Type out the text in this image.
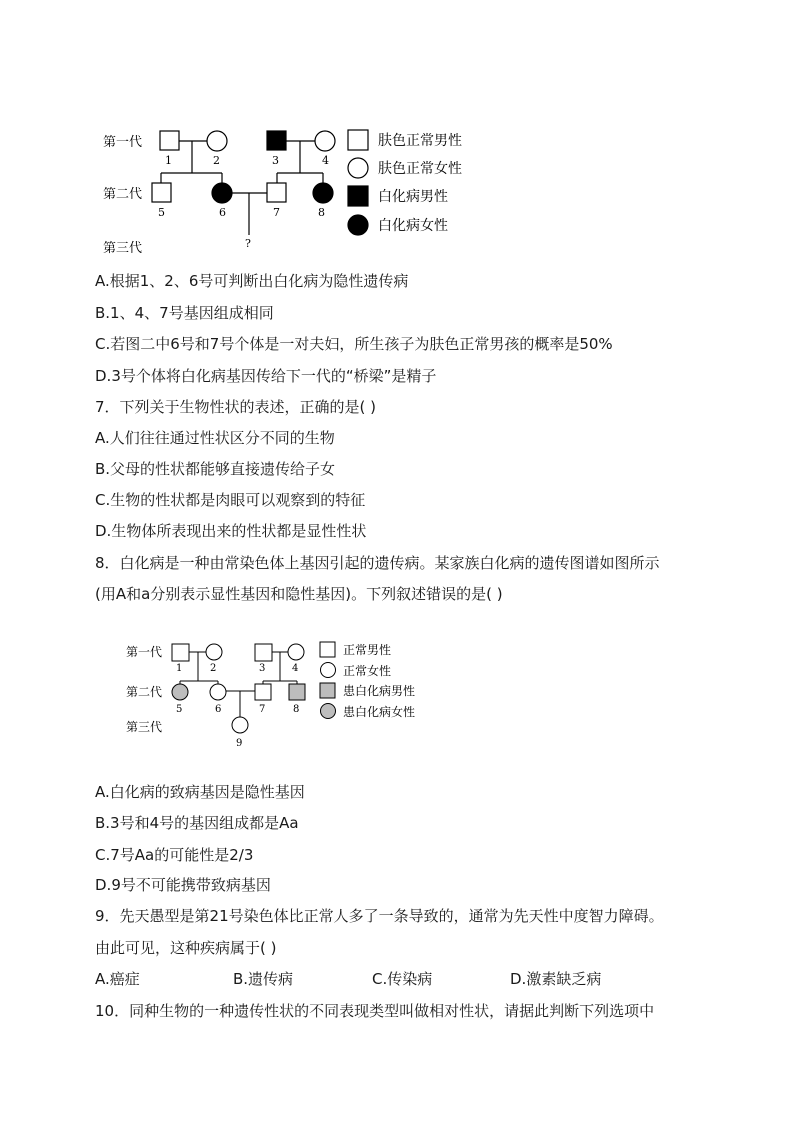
第一代
第二代
第三代
1	2	3	4
5	6	7	8
?
肤色正常男性
肤色正常女性
白化病男性
白化病女性
A.根据1、2、6号可判断出白化病为隐性遗传病
B.1、4、7号基因组成相同
C.若图二中6号和7号个体是一对夫妇，所生孩子为肤色正常男孩的概率是50%
D.3号个体将白化病基因传给下一代的“桥梁”是精子
7．下列关于生物性状的表述，正确的是( )
A.人们往往通过性状区分不同的生物
B.父母的性状都能够直接遗传给子女
C.生物的性状都是肉眼可以观察到的特征
D.生物体所表现出来的性状都是显性性状
8．白化病是一种由常染色体上基因引起的遗传病。某家族白化病的遗传图谱如图所示
(用A和a分别表示显性基因和隐性基因)。下列叙述错误的是( )
第一代
第二代
第三代
1	2	3	4
5	6	7	8
9
正常男性
正常女性
患白化病男性
患白化病女性
A.白化病的致病基因是隐性基因
B.3号和4号的基因组成都是Aa
C.7号Aa的可能性是2/3
D.9号不可能携带致病基因
9．先天愚型是第21号染色体比正常人多了一条导致的，通常为先天性中度智力障碍。
由此可见，这种疾病属于( )
A.癌症	B.遗传病	C.传染病	D.激素缺乏病
10．同种生物的一种遗传性状的不同表现类型叫做相对性状，请据此判断下列选项中
